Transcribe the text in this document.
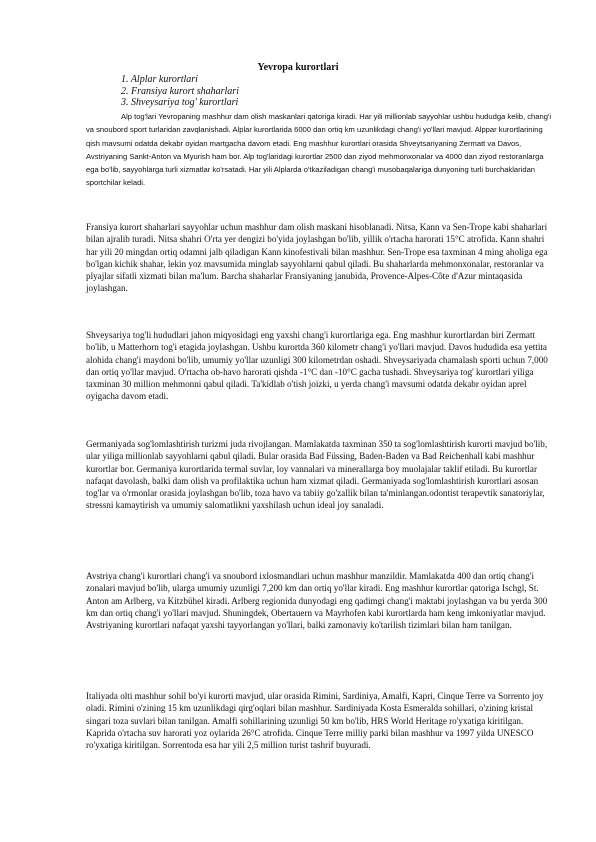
Yevropa kurortlari
1. Alplar kurortlari
2. Fransiya kurort shaharlari
3. Shveysariya tog' kurortlari

Alp tog'lari Yevropaning mashhur dam olish maskanlari qatoriga kiradi. Har yili millionlab sayyohlar ushbu hududga kelib, chang'i va snoubord sport turlaridan zavqlanishadi. Alplar kurortlarida 6000 dan ortiq km uzunlikdagi chang'i yo'llari mavjud. Alppar kurortlarining qish mavsumi odatda dekabr oyidan martgacha davom etadi. Eng mashhur kurortlari orasida Shveytsariyaning Zermatt va Davos, Avstriyaning Sankt-Anton va Myurish ham bor. Alp tog'laridagi kurortlar 2500 dan ziyod mehmonxonalar va 4000 dan ziyod restoranlarga ega bo'lib, sayyohlarga turli xizmatlar ko'rsatadi. Har yili Alplarda o'tkaziladigan chang'i musobaqalariga dunyoning turli burchaklaridan sportchilar keladi.

Fransiya kurort shaharlari sayyohlar uchun mashhur dam olish maskani hisoblanadi. Nitsa, Kann va Sen-Trope kabi shaharlari bilan ajralib turadi. Nitsa shahri O'rta yer dengizi bo'yida joylashgan bo'lib, yillik o'rtacha harorati 15°C atrofida. Kann shahri har yili 20 mingdan ortiq odamni jalb qiladigan Kann kinofestivali bilan mashhur. Sen-Trope esa taxminan 4 ming aholiga ega bo'lgan kichik shahar, lekin yoz mavsumida minglab sayyohlarni qabul qiladi. Bu shaharlarda mehmonxonalar, restoranlar va plyajlar sifatli xizmati bilan ma'lum. Barcha shaharlar Fransiyaning janubida, Provence-Alpes-Côte d'Azur mintaqasida joylashgan.

Shveysariya tog'li hududlari jahon miqyosidagi eng yaxshi chang'i kurortlariga ega. Eng mashhur kurortlardan biri Zermatt bo'lib, u Matterhorn tog'i etagida joylashgan. Ushbu kurortda 360 kilometr chang'i yo'llari mavjud. Davos hududida esa yettita alohida chang'i maydoni bo'lib, umumiy yo'llar uzunligi 300 kilometrdan oshadi. Shveysariyada chamalash sporti uchun 7,000 dan ortiq yo'llar mavjud. O'rtacha ob-havo harorati qishda -1°C dan -10°C gacha tushadi. Shveysariya tog' kurortlari yiliga taxminan 30 million mehmonni qabul qiladi. Ta'kidlab o'tish joizki, u yerda chang'i mavsumi odatda dekabr oyidan aprel oyigacha davom etadi.

Germaniyada sog'lomlashtirish turizmi juda rivojlangan. Mamlakatda taxminan 350 ta sog'lomlashtirish kurorti mavjud bo'lib, ular yiliga millionlab sayyohlarni qabul qiladi. Bular orasida Bad Füssing, Baden-Baden va Bad Reichenhall kabi mashhur kurortlar bor. Germaniya kurortlarida termal suvlar, loy vannalari va minerallarga boy muolajalar taklif etiladi. Bu kurortlar nafaqat davolash, balki dam olish va profilaktika uchun ham xizmat qiladi. Germaniyada sog'lomlashtirish kurortlari asosan tog'lar va o'rmonlar orasida joylashgan bo'lib, toza havo va tabiiy go'zallik bilan ta'minlangan.odontist terapevtik sanatoriylar, stressni kamaytirish va umumiy salomatlikni yaxshilash uchun ideal joy sanaladi.

Avstriya chang'i kurortlari chang'i va snoubord ixlosmandlari uchun mashhur manzildir. Mamlakatda 400 dan ortiq chang'i zonalari mavjud bo'lib, ularga umumiy uzunligi 7,200 km dan ortiq yo'llar kiradi. Eng mashhur kurortlar qatoriga Ischgl, St. Anton am Arlberg, va Kitzbühel kiradi. Arlberg regionida dunyodagi eng qadimgi chang'i maktabi joylashgan va bu yerda 300 km dan ortiq chang'i yo'llari mavjud. Shuningdek, Obertauern va Mayrhofen kabi kurortlarda ham keng imkoniyatlar mavjud. Avstriyaning kurortlari nafaqat yaxshi tayyorlangan yo'llari, balki zamonaviy ko'tarilish tizimlari bilan ham tanilgan.

Italiyada olti mashhur sohil bo'yi kurorti mavjud, ular orasida Rimini, Sardiniya, Amalfi, Kapri, Cinque Terre va Sorrento joy oladi. Rimini o'zining 15 km uzunlikdagi qirg'oqlari bilan mashhur. Sardiniyada Kosta Esmeralda sohillari, o'zining kristal singari toza suvlari bilan tanilgan. Amalfi sohillarining uzunligi 50 km bo'lib, HRS World Heritage ro'yxatiga kiritilgan. Kaprida o'rtacha suv harorati yoz oylarida 26°C atrofida. Cinque Terre milliy parki bilan mashhur va 1997 yilda UNESCO ro'yxatiga kiritilgan. Sorrentoda esa har yili 2,5 million turist tashrif buyuradi.
